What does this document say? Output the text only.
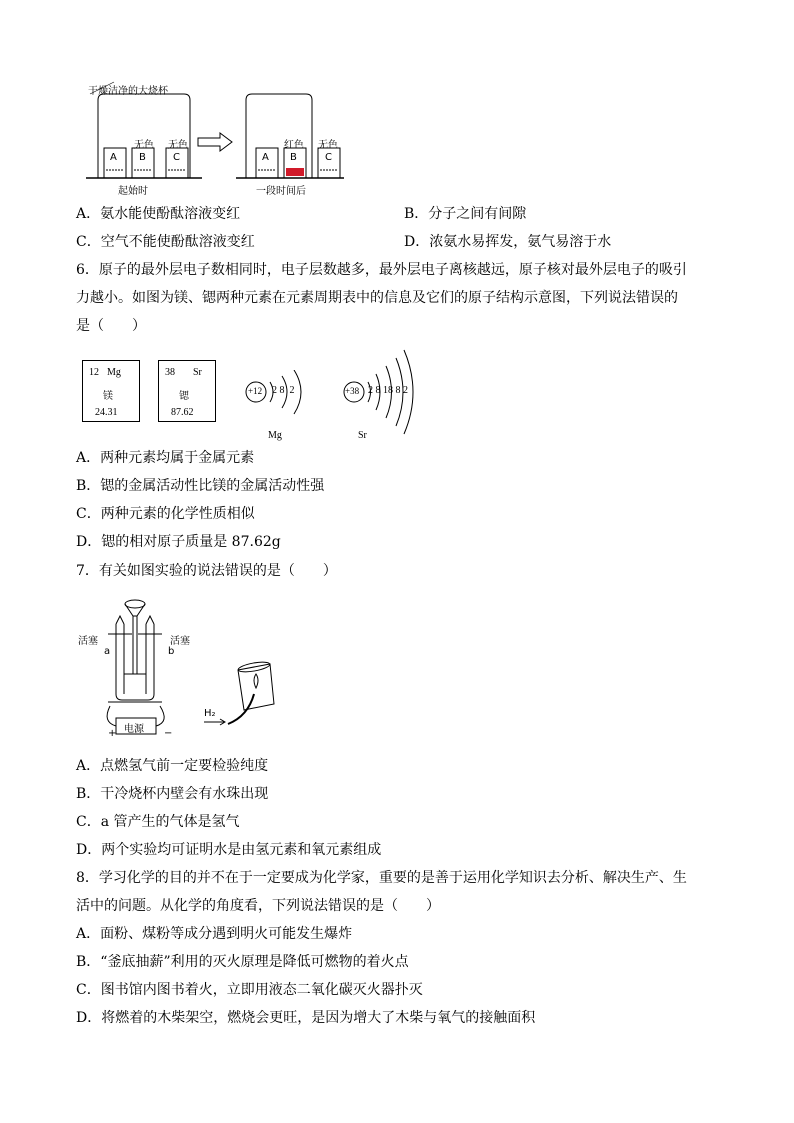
干燥洁净的大烧杯
A B	C
无色 无色
起始时
A B	C
红色 无色
一段时间后
A．氨水能使酚酞溶液变红	B．分子之间有间隙
C．空气不能使酚酞溶液变红	D．浓氨水易挥发，氨气易溶于水
6．原子的最外层电子数相同时，电子层数越多，最外层电子离核越远，原子核对最外层电子的吸引
力越小。如图为镁、锶两种元素在元素周期表中的信息及它们的原子结构示意图，下列说法错误的
是（　　）
12 Mg
镁
24.31
38 Sr
锶
87.62
+12 2 8  2
Mg
+38 2 8 18 8 2
Sr
A．两种元素均属于金属元素
B．锶的金属活动性比镁的金属活动性强
C．两种元素的化学性质相似
D．锶的相对原子质量是 87.62g
7．有关如图实验的说法错误的是（　　）
活塞	活塞
a	b
电源
+	−
H₂
A．点燃氢气前一定要检验纯度
B．干冷烧杯内壁会有水珠出现
C．a 管产生的气体是氢气
D．两个实验均可证明水是由氢元素和氧元素组成
8．学习化学的目的并不在于一定要成为化学家，重要的是善于运用化学知识去分析、解决生产、生
活中的问题。从化学的角度看，下列说法错误的是（　　）
A．面粉、煤粉等成分遇到明火可能发生爆炸
B．“釜底抽薪”利用的灭火原理是降低可燃物的着火点
C．图书馆内图书着火，立即用液态二氧化碳灭火器扑灭
D．将燃着的木柴架空，燃烧会更旺，是因为增大了木柴与氧气的接触面积
